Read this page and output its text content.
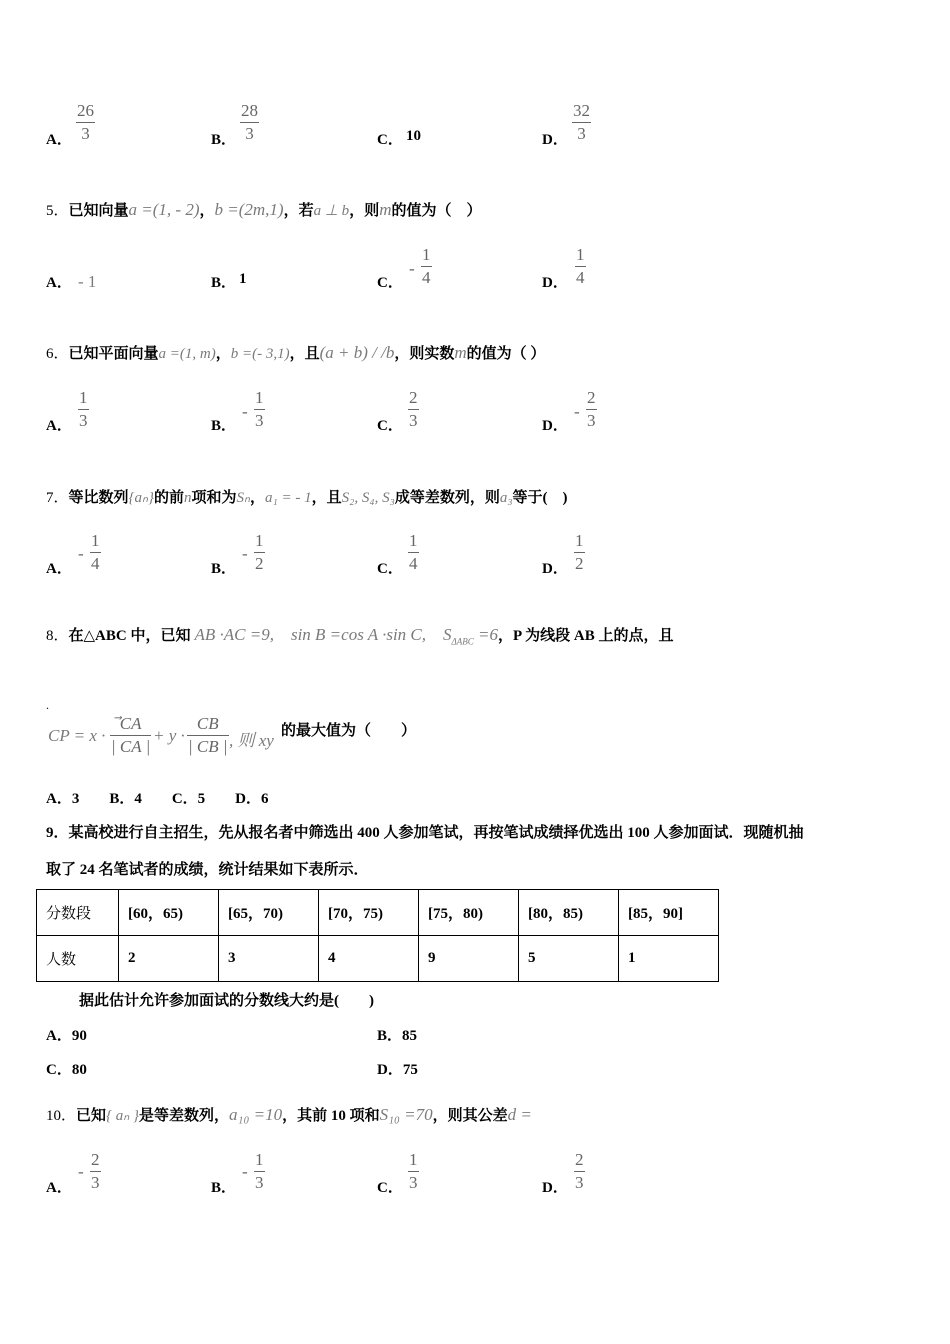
A．
26
3	B．
28
3	C． 10	D．
32
3
5．已知向量a =(1, - 2)，b =(2m,1)，若a ⊥ b，则m的值为（　）
A． - 1	B． 1	C．
-
1
4	D．
1
4
6．已知平面向量a =(1, m)，b =(- 3,1)，且(a + b) / /b，则实数m的值为（ ）
A．
1
3	B．
-
1
3	C．
2
3	D．
-
2
3
7．等比数列{aₙ}的前n项和为Sₙ，a₁ = - 1，且S₂, S₄, S₃成等差数列，则a₃等于(　)
A．
-
1
4	B．
-
1
2	C．
1
4	D．
1
2
8．在△ABC 中，已知 AB ·AC =9,　sin B =cos A ·sin C,　$S_{\Delta ABC} =6$，P 为线段 AB 上的点，且
.
CP = x ·
CA
| CA |
+ y ·
CB
| CB | , 则 xy 的最大值为（　　）
A．3　　B．4　　C．5　　D．6
9．某高校进行自主招生，先从报名者中筛选出 400 人参加笔试，再按笔试成绩择优选出 100 人参加面试．现随机抽
取了 24 名笔试者的成绩，统计结果如下表所示．
分数段	[60，65)	[65，70)	[70，75)	[75，80)	[80，85)	[85，90]
人数	2	3	4	9	5	1
据此估计允许参加面试的分数线大约是(　　)
A．90	B．85
C．80	D．75
10．已知{ aₙ }是等差数列，a₁₀ =10，其前 10 项和S₁₀ =70，则其公差d =
A．
-
2
3	B．
-
1
3	C．
1
3	D．
2
3
